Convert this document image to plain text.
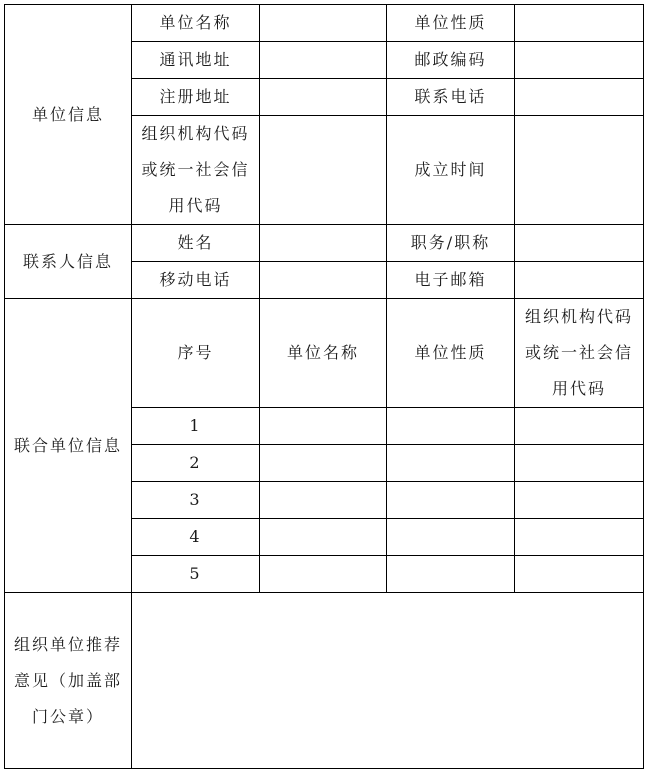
单位信息	单位名称		单位性质	

	通讯地址		邮政编码	

	注册地址		联系电话	

	组织机构代码
或统一社会信
用代码		成立时间	

联系人信息	姓名		职务/职称	

	移动电话		电子邮箱	

联合单位信息	序号	单位名称	单位性质	组织机构代码
或统一社会信
用代码

	1	

	2	

	3	

	4	

	5	

组织单位推荐
意见（加盖部
门公章）				
